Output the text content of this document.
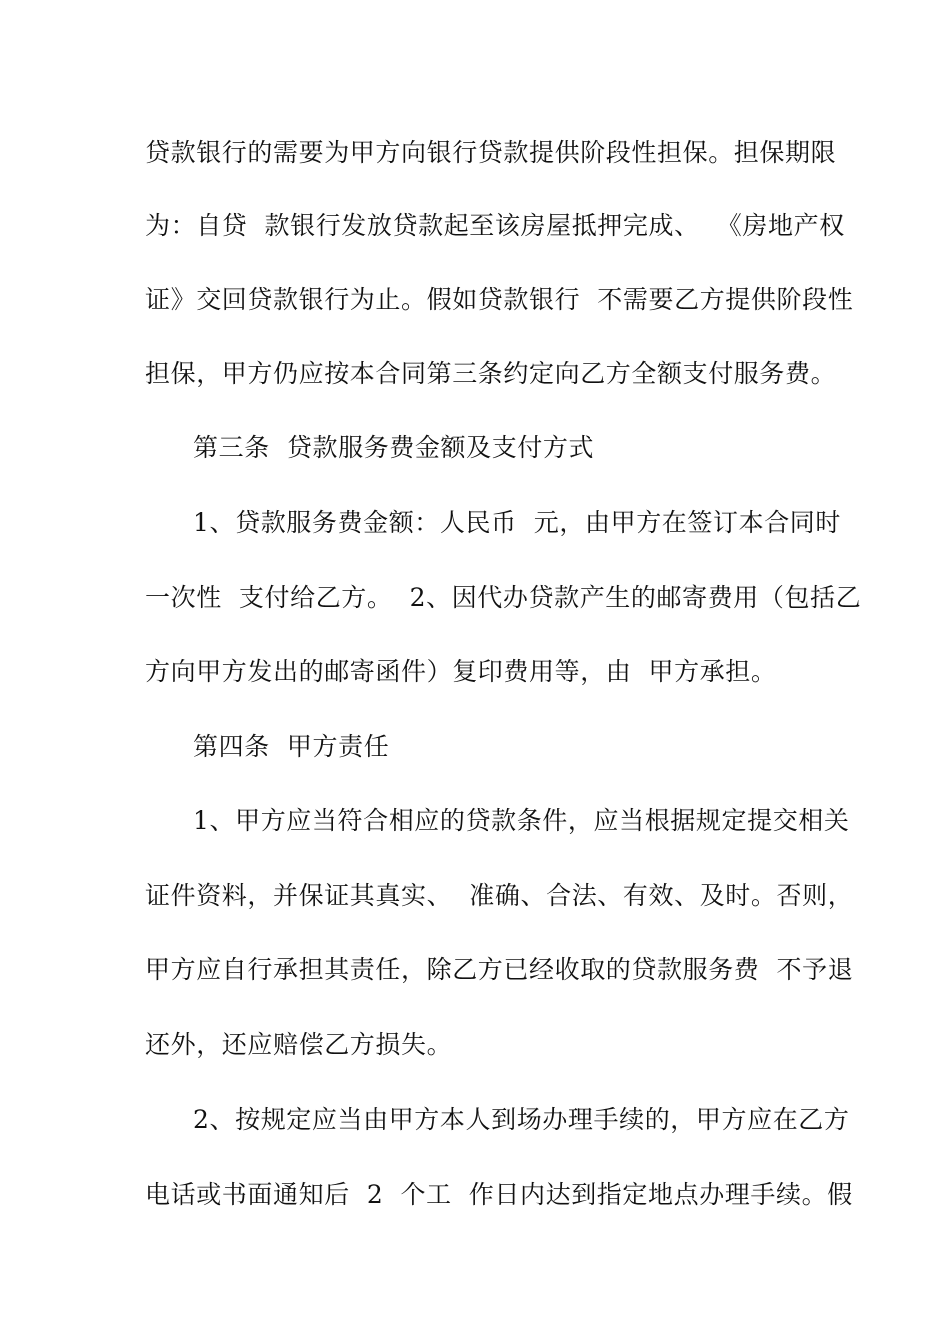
贷款银行的需要为甲方向银行贷款提供阶段性担保。担保期限
为：自贷  款银行发放贷款起至该房屋抵押完成、  《房地产权
证》交回贷款银行为止。假如贷款银行  不需要乙方提供阶段性
担保，甲方仍应按本合同第三条约定向乙方全额支付服务费。
第三条  贷款服务费金额及支付方式
1、贷款服务费金额：人民币  元，由甲方在签订本合同时
一次性  支付给乙方。  2、因代办贷款产生的邮寄费用（包括乙
方向甲方发出的邮寄函件）复印费用等，由  甲方承担。
第四条  甲方责任
1、甲方应当符合相应的贷款条件，应当根据规定提交相关
证件资料，并保证其真实、  准确、合法、有效、及时。否则，
甲方应自行承担其责任，除乙方已经收取的贷款服务费  不予退
还外，还应赔偿乙方损失。
2、按规定应当由甲方本人到场办理手续的，甲方应在乙方
电话或书面通知后  2  个工  作日内达到指定地点办理手续。假
